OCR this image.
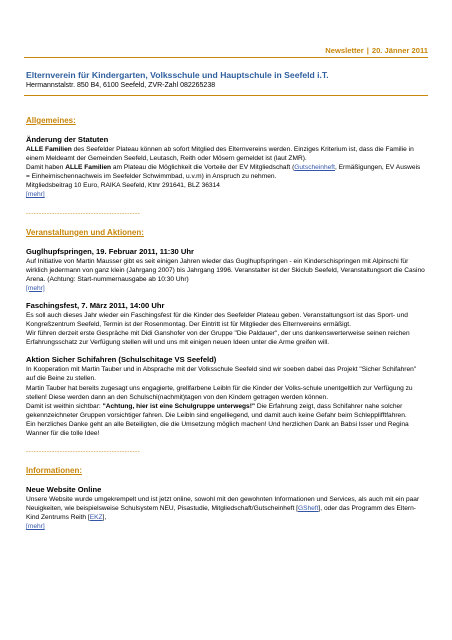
Newsletter | 20. Jänner 2011
Elternverein für Kindergarten, Volksschule und Hauptschule in Seefeld i.T.
Hermannstalstr. 850 B4, 6100 Seefeld, ZVR-Zahl 082265238
Allgemeines:
Änderung der Statuten
ALLE Familien des Seefelder Plateau können ab sofort Mitglied des Elternvereins werden. Einziges Kriterium ist, dass die Familie in einem Meldeamt der Gemeinden Seefeld, Leutasch, Reith oder Mösern gemeldet ist (laut ZMR).
Damit haben ALLE Familien am Plateau die Möglichkeit die Vorteile der EV Mitgliedschaft (Gutscheinheft, Ermäßigungen, EV Ausweis = Einheimischennachweis im Seefelder Schwimmbad, u.v.m) in Anspruch zu nehmen.
Mitgliedsbeitrag 10 Euro, RAIKA Seefeld, Ktnr 291641, BLZ 36314
[mehr]
--------------------------------------------
Veranstaltungen und Aktionen:
Guglhupfspringen, 19. Februar 2011, 11:30 Uhr
Auf Initiative von Martin Mausser gibt es seit einigen Jahren wieder das Guglhupfspringen - ein Kinderschispringen mit Alpinschi für wirklich jedermann von ganz klein (Jahrgang 2007) bis Jahrgang 1996. Veranstalter ist der Skiclub Seefeld, Veranstaltungsort die Casino Arena. (Achtung: Start-nummernausgabe ab 10:30 Uhr)
[mehr]
Faschingsfest, 7. März 2011, 14:00 Uhr
Es soll auch dieses Jahr wieder ein Faschingsfest für die Kinder des Seefelder Plateau geben. Veranstaltungsort ist das Sport- und Kongreßzentrum Seefeld, Termin ist der Rosenmontag. Der Eintritt ist für Mitglieder des Elternvereins ermäßigt.
Wir führen derzeit erste Gespräche mit Didi Ganshofer von der Gruppe "Die Paldauer", der uns dankenswerterweise seinen reichen Erfahrungsschatz zur Verfügung stellen will und uns mit einigen neuen Ideen unter die Arme greifen will.
Aktion Sicher Schifahren (Schulschitage VS Seefeld)
In Kooperation mit Martin Tauber und in Absprache mit der Volksschule Seefeld sind wir soeben dabei das Projekt "Sicher Schifahren" auf die Beine zu stellen.
Martin Tauber hat bereits zugesagt uns engagierte, grellfarbene Leibln für die Kinder der Volks-schule unentgeltlich zur Verfügung zu stellen! Diese werden dann an den Schulschi(nachmit)tagen von den Kindern getragen werden können.
Damit ist weithin sichtbar: "Achtung, hier ist eine Schulgruppe unterwegs!" Die Erfahrung zeigt, dass Schifahrer nahe solcher gekennzeichneter Gruppen vorsichtiger fahren. Die Leibln sind engelliegend, und damit auch keine Gefahr beim Schlepplifftfahren.
Ein herzliches Danke geht an alle Beteiligten, die die Umsetzung möglich machen! Und herzlichen Dank an Babsi Isser und Regina Wanner für die tolle Idee!
--------------------------------------------
Informationen:
Neue Website Online
Unsere Website wurde umgekrempelt und ist jetzt online, sowohl mit den gewohnten Informationen und Services, als auch mit ein paar Neuigkeiten, wie beispielsweise Schulsystem NEU, Pisastudie, Mitgliedschaft/Gutscheinheft [GSheft], oder das Programm des Eltern-Kind Zentrums Reith [EKZ],
[mehr]
